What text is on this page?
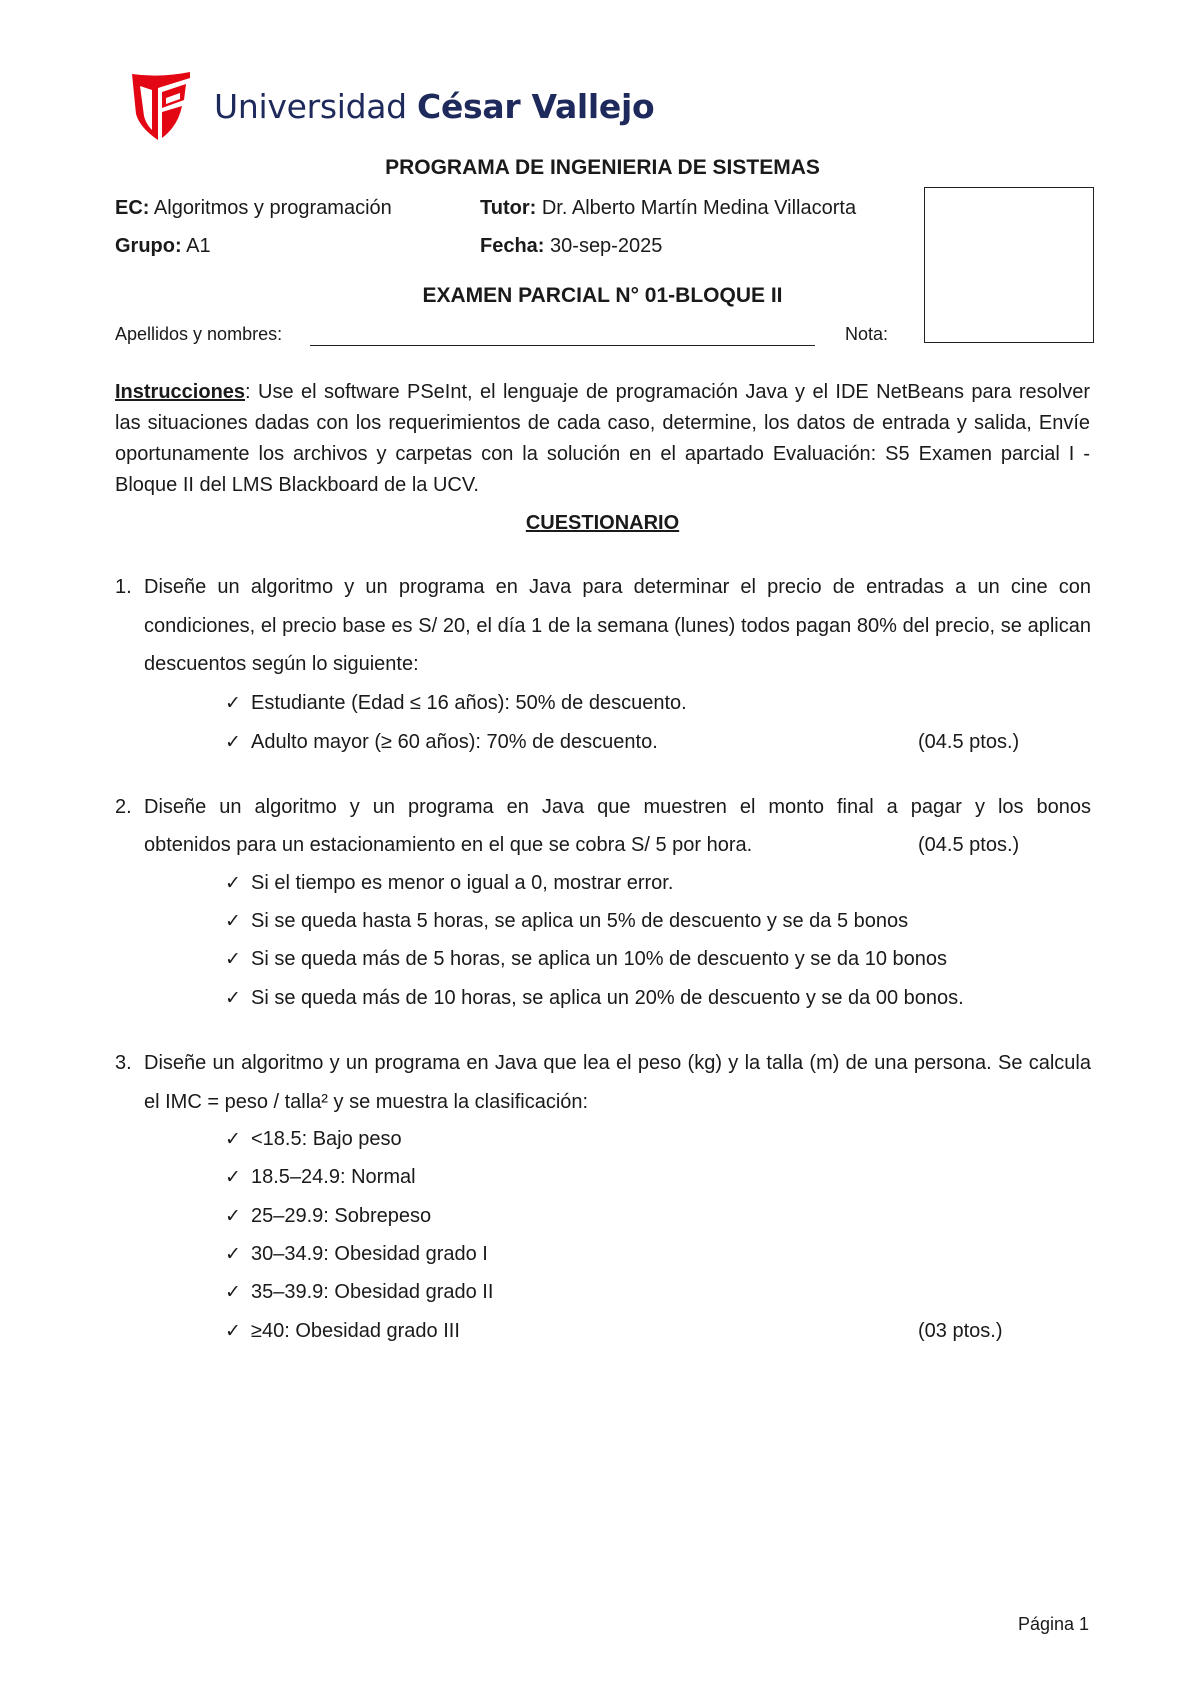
Universidad César Vallejo
PROGRAMA DE INGENIERIA DE SISTEMAS
EC: Algoritmos y programación	Tutor: Dr. Alberto Martín Medina Villacorta
Grupo: A1	Fecha: 30-sep-2025
EXAMEN PARCIAL N° 01-BLOQUE II
Apellidos y nombres:	Nota:
Instrucciones: Use el software PSeInt, el lenguaje de programación Java y el IDE NetBeans para resolver las situaciones dadas con los requerimientos de cada caso, determine, los datos de entrada y salida, Envíe oportunamente los archivos y carpetas con la solución en el apartado Evaluación: S5 Examen parcial I - Bloque II del LMS Blackboard de la UCV.
CUESTIONARIO
1. Diseñe un algoritmo y un programa en Java para determinar el precio de entradas a un cine con condiciones, el precio base es S/ 20, el día 1 de la semana (lunes) todos pagan 80% del precio, se aplican descuentos según lo siguiente:
✓ Estudiante (Edad ≤ 16 años): 50% de descuento.
✓ Adulto mayor (≥ 60 años): 70% de descuento.	(04.5 ptos.)
2. Diseñe un algoritmo y un programa en Java que muestren el monto final a pagar y los bonos
obtenidos para un estacionamiento en el que se cobra S/ 5 por hora.	(04.5 ptos.)
✓ Si el tiempo es menor o igual a 0, mostrar error.
✓ Si se queda hasta 5 horas, se aplica un 5% de descuento y se da 5 bonos
✓ Si se queda más de 5 horas, se aplica un 10% de descuento y se da 10 bonos
✓ Si se queda más de 10 horas, se aplica un 20% de descuento y se da 00 bonos.
3. Diseñe un algoritmo y un programa en Java que lea el peso (kg) y la talla (m) de una persona. Se calcula el IMC = peso / talla² y se muestra la clasificación:
✓ <18.5: Bajo peso
✓ 18.5–24.9: Normal
✓ 25–29.9: Sobrepeso
✓ 30–34.9: Obesidad grado I
✓ 35–39.9: Obesidad grado II
✓ ≥40: Obesidad grado III	(03 ptos.)
Página 1
